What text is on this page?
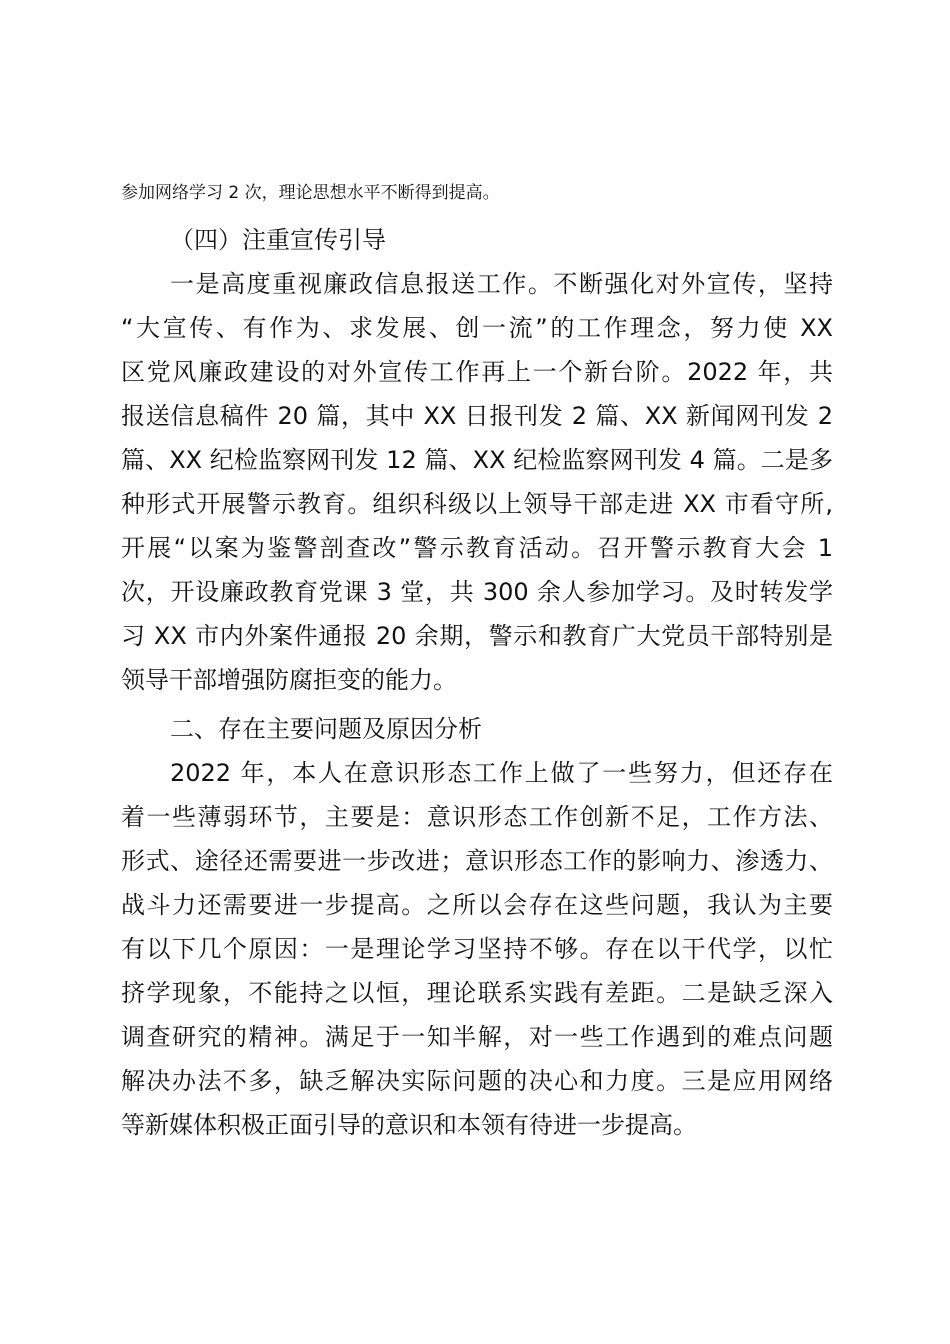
参加网络学习 2 次，理论思想水平不断得到提高。

（四）注重宣传引导

一是高度重视廉政信息报送工作。不断强化对外宣传，坚持

“大宣传、有作为、求发展、创一流”的工作理念，努力使 XX

区党风廉政建设的对外宣传工作再上一个新台阶。2022 年，共

报送信息稿件 20 篇，其中 XX 日报刊发 2 篇、XX 新闻网刊发 2

篇、XX 纪检监察网刊发 12 篇、XX 纪检监察网刊发 4 篇。二是多

种形式开展警示教育。组织科级以上领导干部走进 XX 市看守所,

开展“以案为鉴警剖查改”警示教育活动。召开警示教育大会 1

次，开设廉政教育党课 3 堂，共 300 余人参加学习。及时转发学

习 XX 市内外案件通报 20 余期，警示和教育广大党员干部特别是

领导干部增强防腐拒变的能力。

二、存在主要问题及原因分析

2022 年，本人在意识形态工作上做了一些努力，但还存在

着一些薄弱环节，主要是：意识形态工作创新不足，工作方法、

形式、途径还需要进一步改进；意识形态工作的影响力、渗透力、

战斗力还需要进一步提高。之所以会存在这些问题，我认为主要

有以下几个原因：一是理论学习坚持不够。存在以干代学，以忙

挤学现象，不能持之以恒，理论联系实践有差距。二是缺乏深入

调查研究的精神。满足于一知半解，对一些工作遇到的难点问题

解决办法不多，缺乏解决实际问题的决心和力度。三是应用网络

等新媒体积极正面引导的意识和本领有待进一步提高。
